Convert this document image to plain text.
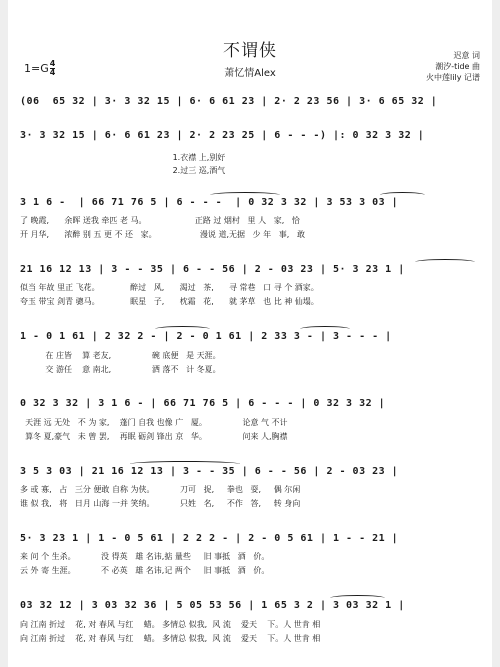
不谓侠
萧忆情Alex
$1=G \frac{4}{4}$
迟意 词
潮汐-tide 曲
火中莲lily 记谱
(06  65 32 | 3· 3 32 15 | 6· 6 61 23 | 2· 2 23 56 | 3· 6 65 32 |
3· 3 32 15 | 6· 6 61 23 | 2· 2 23 25 | 6 - - -) |: 0 32 3 32 |
1.衣襟 上,别好
2.过三 巡,酒气
3 1 6 -  | 66 71 76 5 | 6 - - -  | 0 32 3 32 | 3 53 3 03 |
了 晚霞,      余晖 送我 牵匹 老 马。                   正路 过 烟村   里 人   家,   恰
开 月华,      浓醉 别 五 更 不 还   家。                 漫说 道,无据   少 年   事,   敢
21 16 12 13 | 3 - - 35 | 6 - - 56 | 2 - 03 23 | 5· 3 23 1 |
似当 年故 里正 飞花。            醉过   风,      渴过   茶,      寻 常巷   口 寻 个 酒家。
夸玉 带宝 剑青 骢马。            眠星   子,      枕霜   花,      就 茅草   也 比 神 仙塌。
1 - 0 1 61 | 2 32 2 - | 2 - 0 1 61 | 2 33 3 - | 3 - - - |
在 庄皆    算 老友,                碗 底便   是 天涯。
交 游任    意 南北,                洒 落不   计 冬夏。
0 32 3 32 | 3 1 6 - | 66 71 76 5 | 6 - - - | 0 32 3 32 |
天涯 远 无处   不 为 家,    蓬门 自我 也像 广   厦。              论意 气 不计
算冬 夏,豪气   未 曾 罢,    再眠 砺剑 锋出 京   华。              问来 人,胸襟
3 5 3 03 | 21 16 12 13 | 3 - - 35 | 6 - - 56 | 2 - 03 23 |
多 或 寡,   占   三分 便敢 自称 为侠。          刀可   捉,     拳也   耍,     偶 尔闲
谁 似 我,   将   日月 山海 一并 笑纳。          只姓   名,     不作   答,     转 身向
5· 3 23 1 | 1 - 0 5 61 | 2 2 2 - | 2 - 0 5 61 | 1 - - 21 |
来 问 个 生杀。          没 得英   雄 名讳,掂 量些     旧 事抵   酒   价。
云 外 寄 生涯。          不 必英   雄 名讳,记 两个     旧 事抵   酒   价。
03 32 12 | 3 03 32 36 | 5 05 53 56 | 1 65 3 2 | 3 03 32 1 |
向 江南 折过    花, 对 春风 与红    蜡。 多情总 似我,  风 流    爱天    下。人 世肯 相
向 江南 折过    花, 对 春风 与红    蜡。 多情总 似我,  风 流    爱天    下。人 世肯 相
